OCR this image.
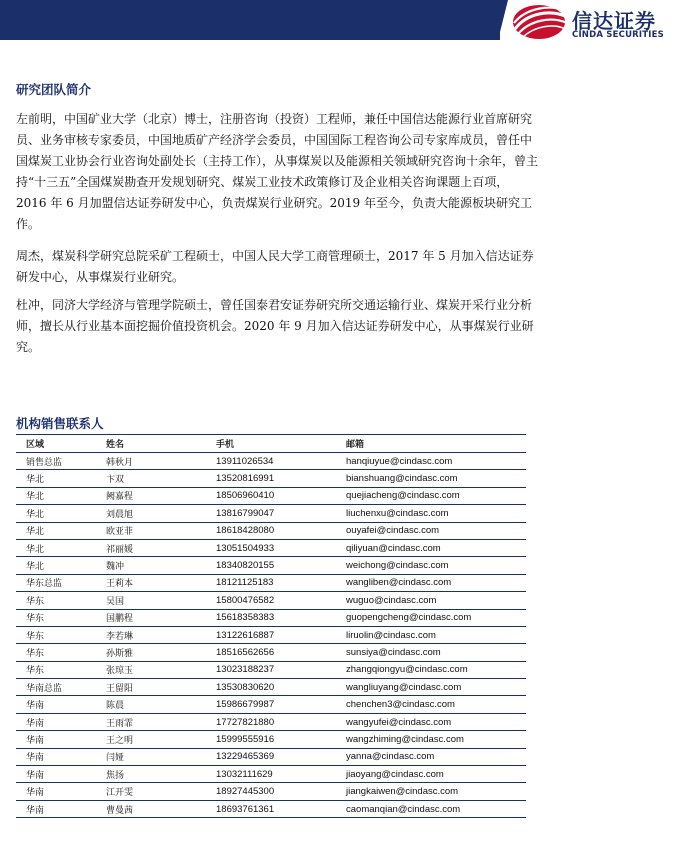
信达证券
CINDA SECURITIES
研究团队简介

左前明，中国矿业大学（北京）博士，注册咨询（投资）工程师，兼任中国信达能源行业首席研究员、业务审核专家委员，中国地质矿产经济学会委员，中国国际工程咨询公司专家库成员，曾任中国煤炭工业协会行业咨询处副处长（主持工作），从事煤炭以及能源相关领域研究咨询十余年，曾主持“十三五”全国煤炭勘查开发规划研究、煤炭工业技术政策修订及企业相关咨询课题上百项， 2016 年 6 月加盟信达证券研发中心，负责煤炭行业研究。2019 年至今，负责大能源板块研究工作。

周杰，煤炭科学研究总院采矿工程硕士，中国人民大学工商管理硕士，2017 年 5 月加入信达证券研发中心，从事煤炭行业研究。

杜冲，同济大学经济与管理学院硕士，曾任国泰君安证券研究所交通运输行业、煤炭开采行业分析师，擅长从行业基本面挖掘价值投资机会。2020 年 9 月加入信达证券研发中心，从事煤炭行业研究。

机构销售联系人
区域	姓名	手机	邮箱
销售总监	韩秋月	13911026534	hanqiuyue@cindasc.com
华北	卞双	13520816991	bianshuang@cindasc.com
华北	阙嘉程	18506960410	quejiacheng@cindasc.com
华北	刘晨旭	13816799047	liuchenxu@cindasc.com
华北	欧亚菲	18618428080	ouyafei@cindasc.com
华北	祁丽媛	13051504933	qiliyuan@cindasc.com
华北	魏冲	18340820155	weichong@cindasc.com
华东总监	王莉本	18121125183	wangliben@cindasc.com
华东	吴国	15800476582	wuguo@cindasc.com
华东	国鹏程	15618358383	guopengcheng@cindasc.com
华东	李若琳	13122616887	liruolin@cindasc.com
华东	孙斯雅	18516562656	sunsiya@cindasc.com
华东	张琼玉	13023188237	zhangqiongyu@cindasc.com
华南总监	王留阳	13530830620	wangliuyang@cindasc.com
华南	陈晨	15986679987	chenchen3@cindasc.com
华南	王雨霏	17727821880	wangyufei@cindasc.com
华南	王之明	15999555916	wangzhiming@cindasc.com
华南	闫娅	13229465369	yanna@cindasc.com
华南	焦扬	13032111629	jiaoyang@cindasc.com
华南	江开雯	18927445300	jiangkaiwen@cindasc.com
华南	曹曼茜	18693761361	caomanqian@cindasc.com
